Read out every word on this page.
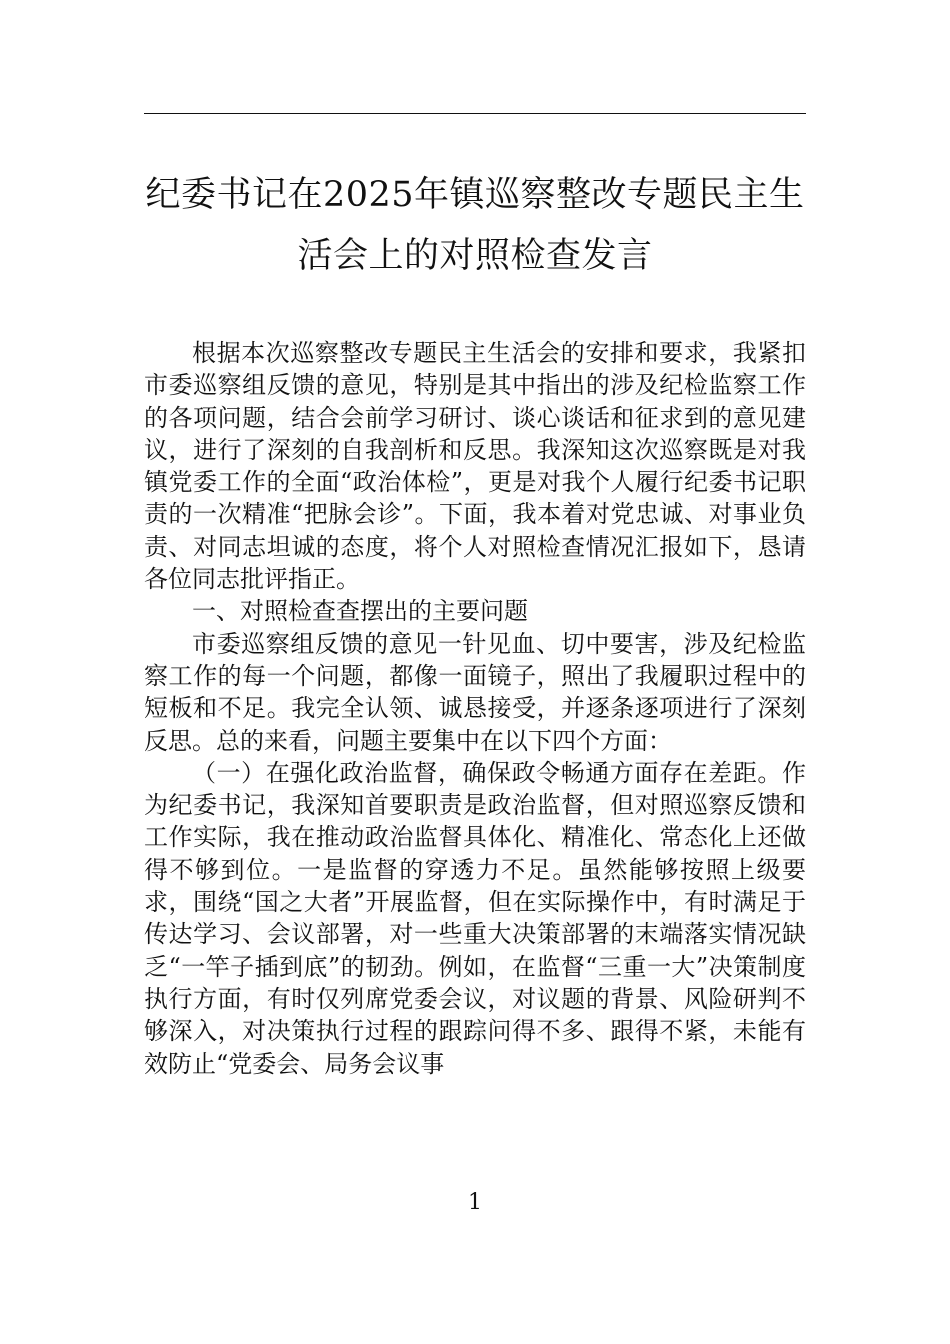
纪委书记在2025年镇巡察整改专题民主生
活会上的对照检查发言

根据本次巡察整改专题民主生活会的安排和要求，我紧扣市委巡察组反馈的意见，特别是其中指出的涉及纪检监察工作的各项问题，结合会前学习研讨、谈心谈话和征求到的意见建议，进行了深刻的自我剖析和反思。我深知这次巡察既是对我镇党委工作的全面“政治体检”，更是对我个人履行纪委书记职责的一次精准“把脉会诊”。下面，我本着对党忠诚、对事业负责、对同志坦诚的态度，将个人对照检查情况汇报如下，恳请各位同志批评指正。

一、对照检查查摆出的主要问题

市委巡察组反馈的意见一针见血、切中要害，涉及纪检监察工作的每一个问题，都像一面镜子，照出了我履职过程中的短板和不足。我完全认领、诚恳接受，并逐条逐项进行了深刻反思。总的来看，问题主要集中在以下四个方面：

（一）在强化政治监督，确保政令畅通方面存在差距。作为纪委书记，我深知首要职责是政治监督，但对照巡察反馈和工作实际，我在推动政治监督具体化、精准化、常态化上还做得不够到位。一是监督的穿透力不足。虽然能够按照上级要求，围绕“国之大者”开展监督，但在实际操作中，有时满足于传达学习、会议部署，对一些重大决策部署的末端落实情况缺乏“一竿子插到底”的韧劲。例如，在监督“三重一大”决策制度执行方面，有时仅列席党委会议，对议题的背景、风险研判不够深入，对决策执行过程的跟踪问得不多、跟得不紧，未能有效防止“党委会、局务会议事

1
